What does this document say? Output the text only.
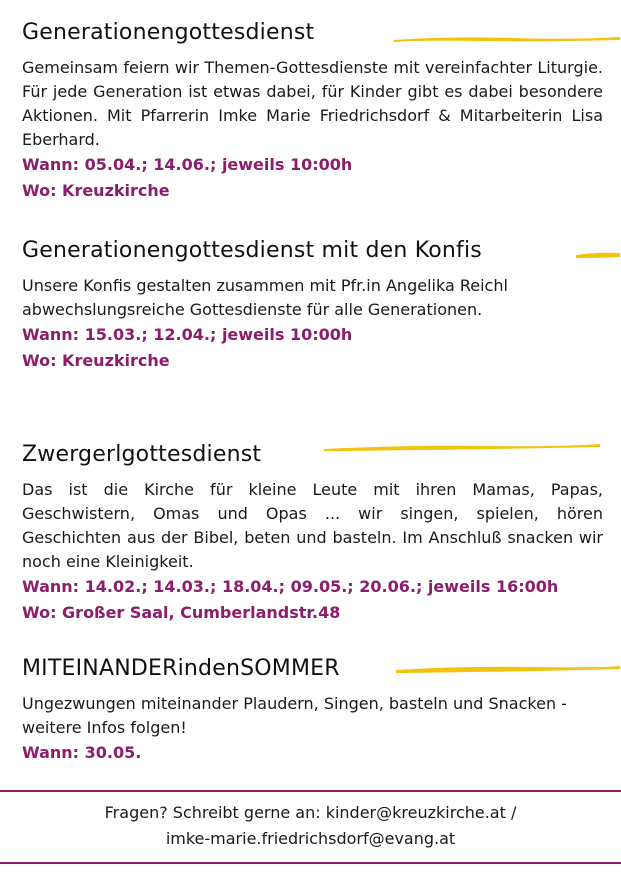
Generationengottesdienst

Gemeinsam feiern wir Themen-Gottesdienste mit vereinfachter Liturgie. Für jede Generation ist etwas dabei, für Kinder gibt es dabei besondere Aktionen. Mit Pfarrerin Imke Marie Friedrichsdorf & Mitarbeiterin Lisa Eberhard.

Wann: 05.04.; 14.06.; jeweils 10:00h

Wo: Kreuzkirche

Generationengottesdienst mit den Konfis

Unsere Konfis gestalten zusammen mit Pfr.in Angelika Reichl abwechslungsreiche Gottesdienste für alle Generationen.

Wann: 15.03.; 12.04.; jeweils 10:00h

Wo: Kreuzkirche

Zwergerlgottesdienst

Das ist die Kirche für kleine Leute mit ihren Mamas, Papas, Geschwistern, Omas und Opas ... wir singen, spielen, hören Geschichten aus der Bibel, beten und basteln. Im Anschluß snacken wir noch eine Kleinigkeit.

Wann: 14.02.; 14.03.; 18.04.; 09.05.; 20.06.; jeweils 16:00h

Wo: Großer Saal, Cumberlandstr.48

MITEINANDERindenSOMMER

Ungezwungen miteinander Plaudern, Singen, basteln und Snacken - weitere Infos folgen!

Wann: 30.05.

Fragen? Schreibt gerne an: kinder@kreuzkirche.at /
imke-marie.friedrichsdorf@evang.at
